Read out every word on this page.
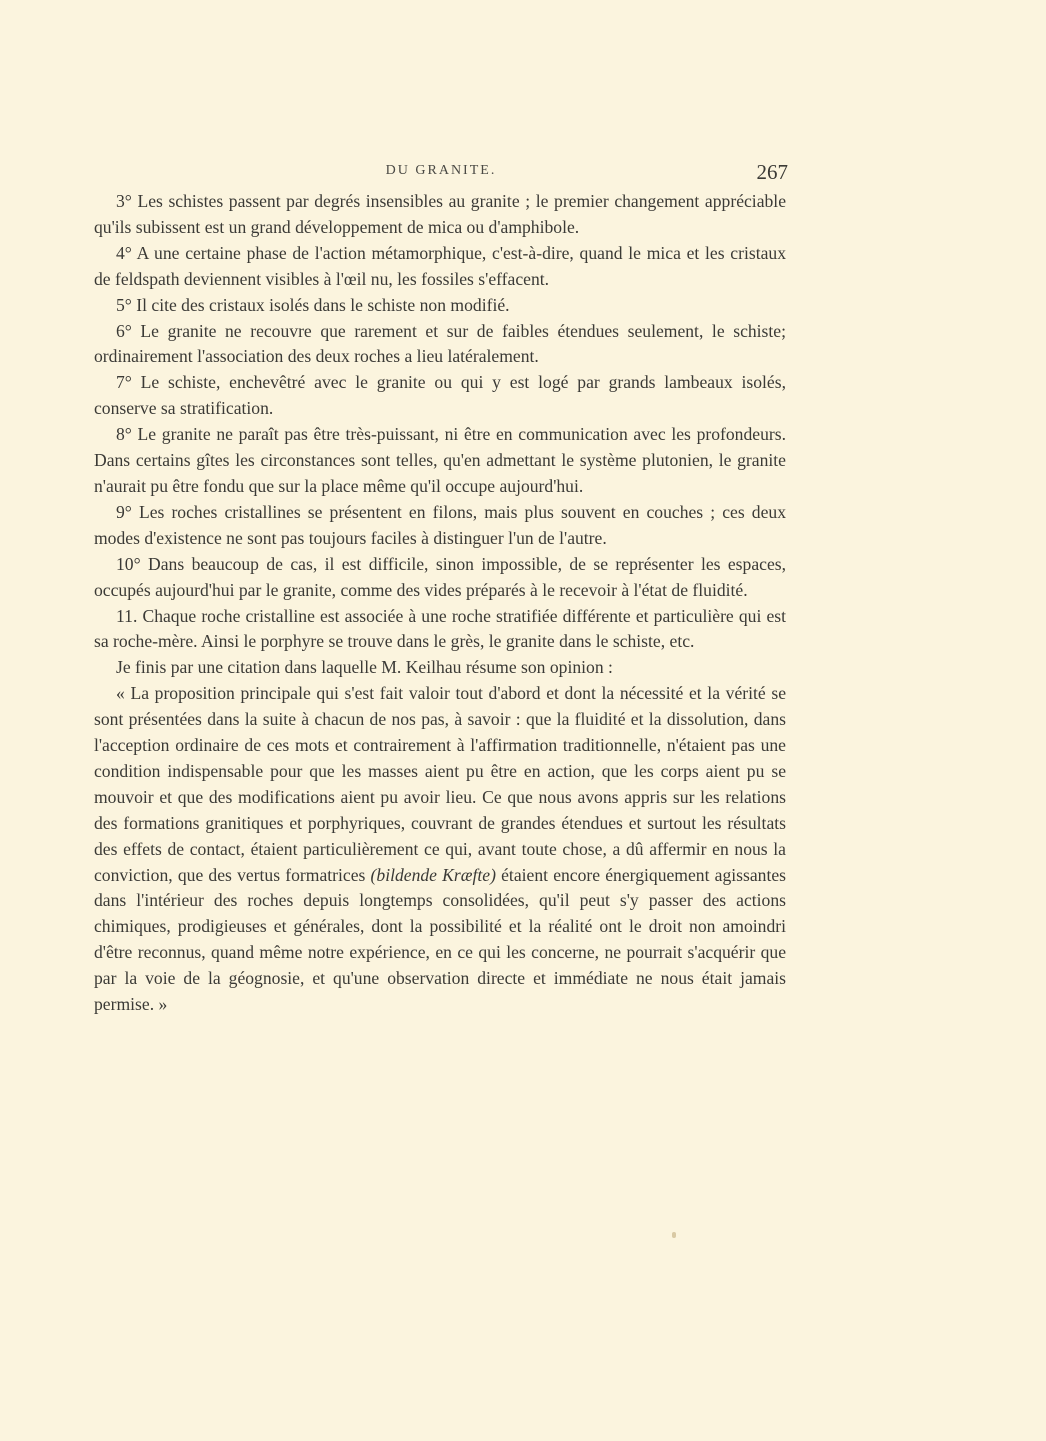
DU GRANITE.	267

3° Les schistes passent par degrés insensibles au granite ; le premier changement appréciable qu'ils subissent est un grand développement de mica ou d'amphibole.

4° A une certaine phase de l'action métamorphique, c'est-à-dire, quand le mica et les cristaux de feldspath deviennent visibles à l'œil nu, les fossiles s'effacent.

5° Il cite des cristaux isolés dans le schiste non modifié.

6° Le granite ne recouvre que rarement et sur de faibles étendues seulement, le schiste; ordinairement l'association des deux roches a lieu latéralement.

7° Le schiste, enchevêtré avec le granite ou qui y est logé par grands lambeaux isolés, conserve sa stratification.

8° Le granite ne paraît pas être très-puissant, ni être en communication avec les profondeurs. Dans certains gîtes les circonstances sont telles, qu'en admettant le système plutonien, le granite n'aurait pu être fondu que sur la place même qu'il occupe aujourd'hui.

9° Les roches cristallines se présentent en filons, mais plus souvent en couches ; ces deux modes d'existence ne sont pas toujours faciles à distinguer l'un de l'autre.

10° Dans beaucoup de cas, il est difficile, sinon impossible, de se représenter les espaces, occupés aujourd'hui par le granite, comme des vides préparés à le recevoir à l'état de fluidité.

11. Chaque roche cristalline est associée à une roche stratifiée différente et particulière qui est sa roche-mère. Ainsi le porphyre se trouve dans le grès, le granite dans le schiste, etc.

Je finis par une citation dans laquelle M. Keilhau résume son opinion :

« La proposition principale qui s'est fait valoir tout d'abord et dont la nécessité et la vérité se sont présentées dans la suite à chacun de nos pas, à savoir : que la fluidité et la dissolution, dans l'acception ordinaire de ces mots et contrairement à l'affirmation traditionnelle, n'étaient pas une condition indispensable pour que les masses aient pu être en action, que les corps aient pu se mouvoir et que des modifications aient pu avoir lieu. Ce que nous avons appris sur les relations des formations granitiques et porphyriques, couvrant de grandes étendues et surtout les résultats des effets de contact, étaient particulièrement ce qui, avant toute chose, a dû affermir en nous la conviction, que des vertus formatrices (bildende Kræfte) étaient encore énergiquement agissantes dans l'intérieur des roches depuis longtemps consolidées, qu'il peut s'y passer des actions chimiques, prodigieuses et générales, dont la possibilité et la réalité ont le droit non amoindri d'être reconnus, quand même notre expérience, en ce qui les concerne, ne pourrait s'acquérir que par la voie de la géognosie, et qu'une observation directe et immédiate ne nous était jamais permise. »
